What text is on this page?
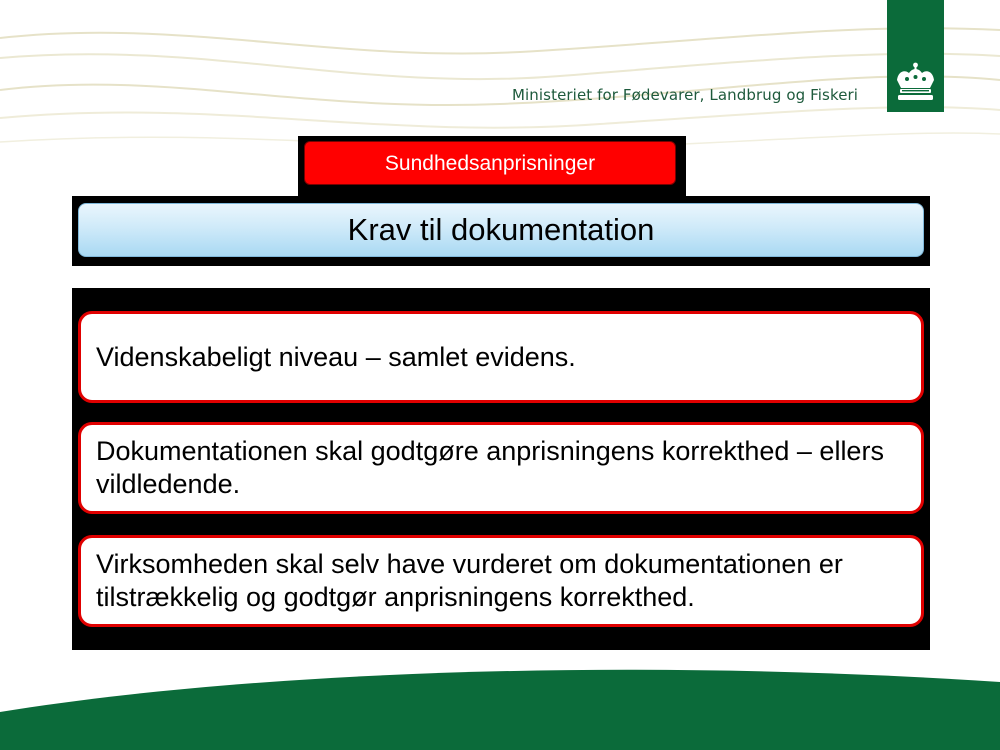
Ministeriet for Fødevarer, Landbrug og Fiskeri
Sundhedsanprisninger
Krav til dokumentation
Videnskabeligt niveau – samlet evidens.
Dokumentationen skal godtgøre anprisningens korrekthed – ellers vildledende.
Virksomheden skal selv have vurderet om dokumentationen er tilstrækkelig og godtgør anprisningens korrekthed.
